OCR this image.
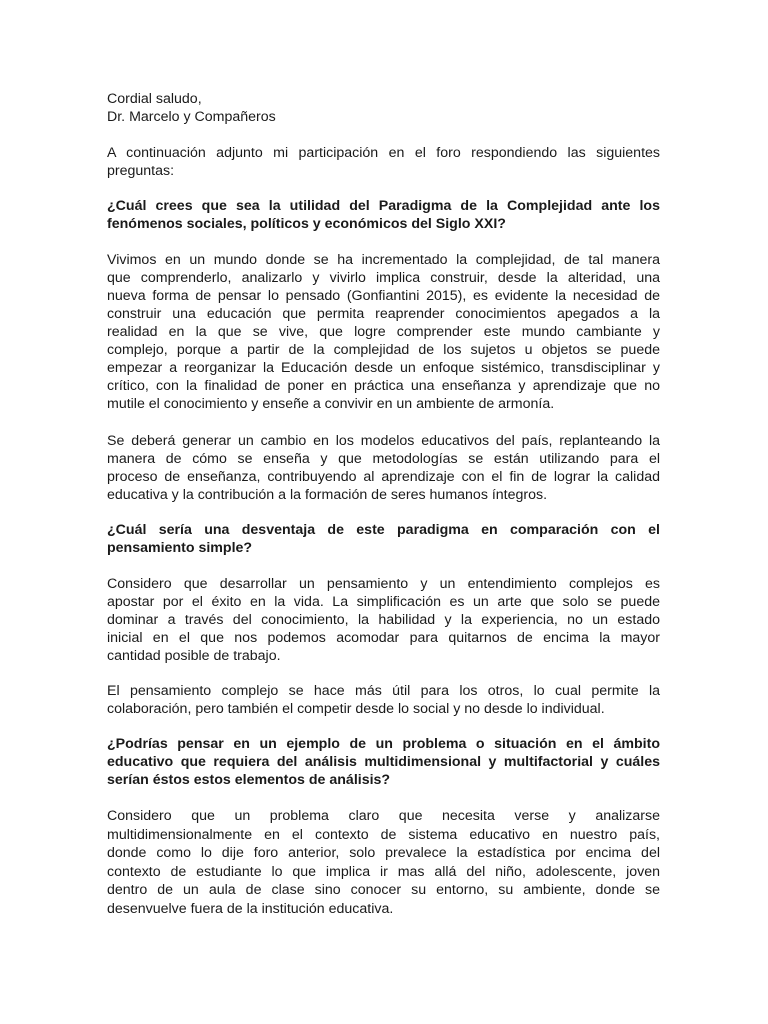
Cordial saludo,
Dr. Marcelo y Compañeros
A continuación adjunto mi participación en el foro respondiendo las siguientes
preguntas:
¿Cuál crees que sea la utilidad del Paradigma de la Complejidad ante los
fenómenos sociales, políticos y económicos del Siglo XXI?
Vivimos en un mundo donde se ha incrementado la complejidad, de tal manera
que comprenderlo, analizarlo y vivirlo implica construir, desde la alteridad, una
nueva forma de pensar lo pensado (Gonfiantini 2015), es evidente la necesidad de
construir una educación que permita reaprender conocimientos apegados a la
realidad en la que se vive, que logre comprender este mundo cambiante y
complejo, porque a partir de la complejidad de los sujetos u objetos se puede
empezar a reorganizar la Educación desde un enfoque sistémico, transdisciplinar y
crítico, con la finalidad de poner en práctica una enseñanza y aprendizaje que no
mutile el conocimiento y enseñe a convivir en un ambiente de armonía.
Se deberá generar un cambio en los modelos educativos del país, replanteando la
manera de cómo se enseña y que metodologías se están utilizando para el
proceso de enseñanza, contribuyendo al aprendizaje con el fin de lograr la calidad
educativa y la contribución a la formación de seres humanos íntegros.
¿Cuál sería una desventaja de este paradigma en comparación con el
pensamiento simple?
Considero que desarrollar un pensamiento y un entendimiento complejos es
apostar por el éxito en la vida. La simplificación es un arte que solo se puede
dominar a través del conocimiento, la habilidad y la experiencia, no un estado
inicial en el que nos podemos acomodar para quitarnos de encima la mayor
cantidad posible de trabajo.
El pensamiento complejo se hace más útil para los otros, lo cual permite la
colaboración, pero también el competir desde lo social y no desde lo individual.
¿Podrías pensar en un ejemplo de un problema o situación en el ámbito
educativo que requiera del análisis multidimensional y multifactorial y cuáles
serían éstos estos elementos de análisis?
Considero que un problema claro que necesita verse y analizarse
multidimensionalmente en el contexto de sistema educativo en nuestro país,
donde como lo dije foro anterior, solo prevalece la estadística por encima del
contexto de estudiante lo que implica ir mas allá del niño, adolescente, joven
dentro de un aula de clase sino conocer su entorno, su ambiente, donde se
desenvuelve fuera de la institución educativa.
